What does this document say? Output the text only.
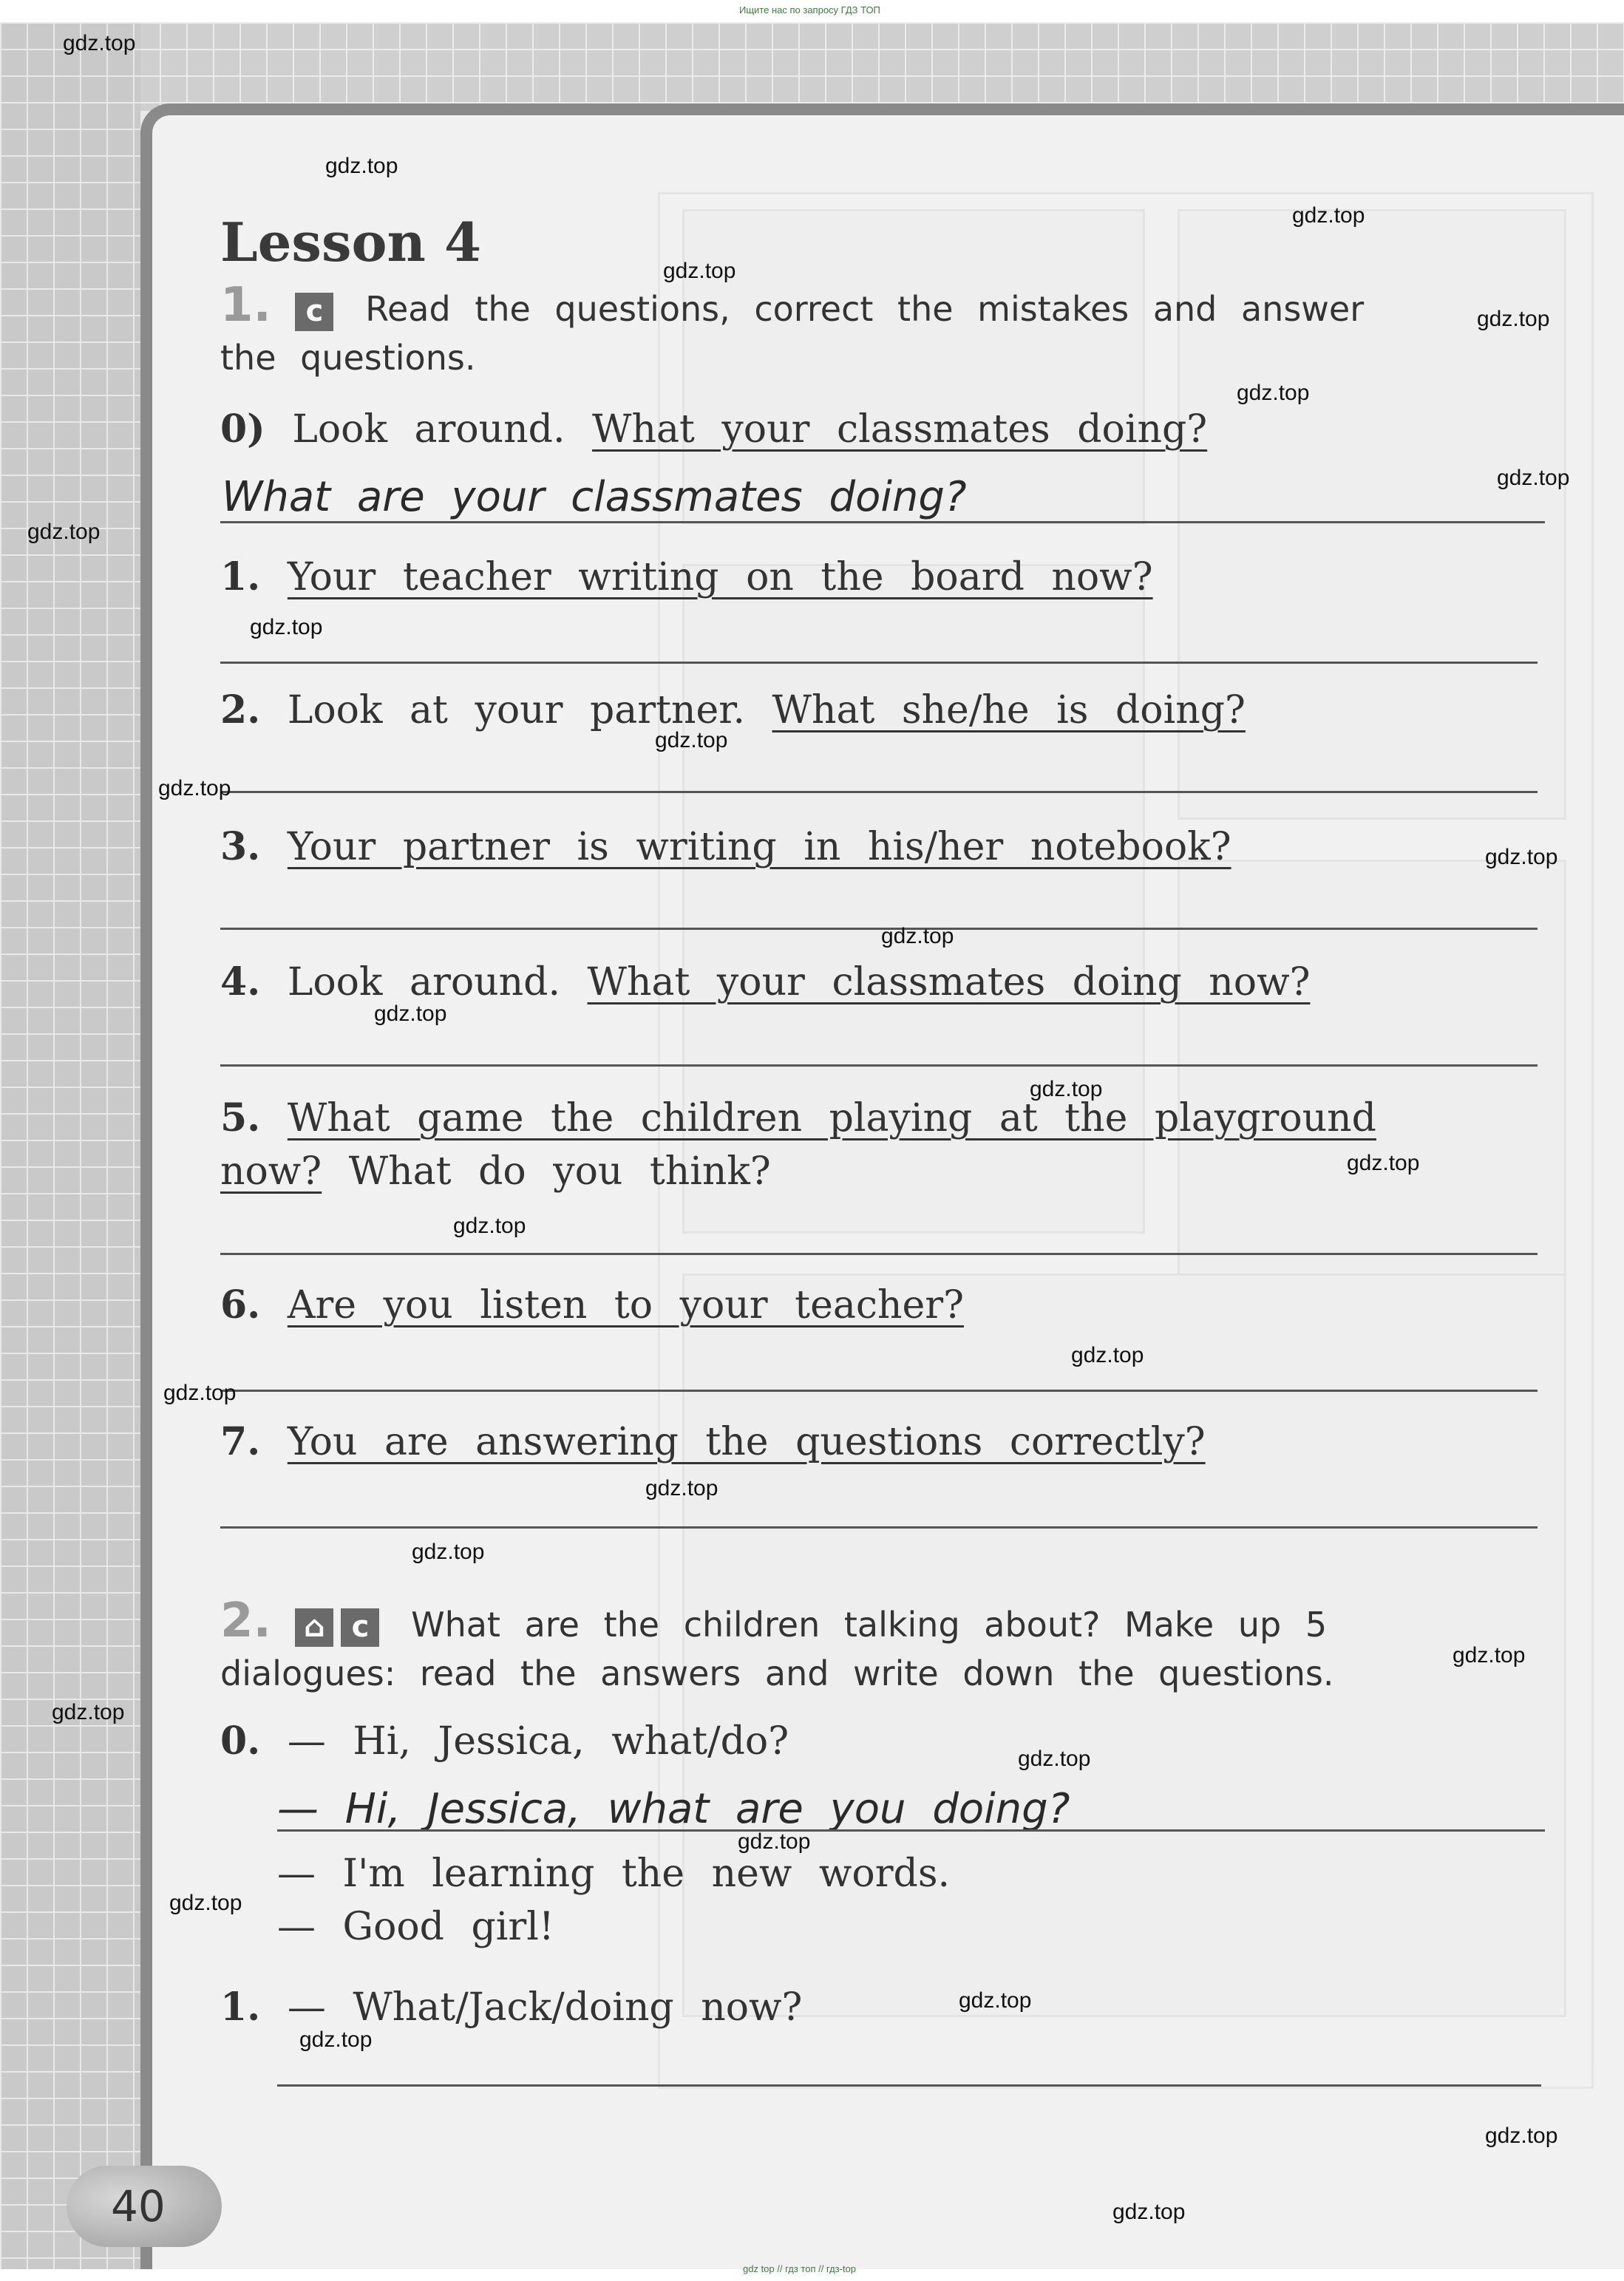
Ищите нас по запросу ГДЗ ТОП
Lesson 4
1. с Read the questions, correct the mistakes and answer
the questions.
0) Look around. What your classmates doing?
What are your classmates doing?
1. Your teacher writing on the board now?
2. Look at your partner. What she/he is doing?
3. Your partner is writing in his/her notebook?
4. Look around. What your classmates doing now?
5. What game the children playing at the playground
now? What do you think?
6. Are you listen to your teacher?
7. You are answering the questions correctly?
2. ⌂ с What are the children talking about? Make up 5
dialogues: read the answers and write down the questions.
0. — Hi, Jessica, what/do?
— Hi, Jessica, what are you doing?
— I'm learning the new words.
— Good girl!
1. — What/Jack/doing now?
40
gdz.top
gdz.top
gdz.top
gdz.top
gdz.top
gdz.top
gdz.top
gdz.top
gdz.top
gdz.top
gdz.top
gdz.top
gdz.top
gdz.top
gdz.top
gdz.top
gdz.top
gdz.top
gdz.top
gdz.top
gdz.top
gdz.top
gdz.top
gdz.top
gdz.top
gdz.top
gdz.top
gdz.top
gdz.top
gdz.top
gdz top // гдз топ // гдз-top
